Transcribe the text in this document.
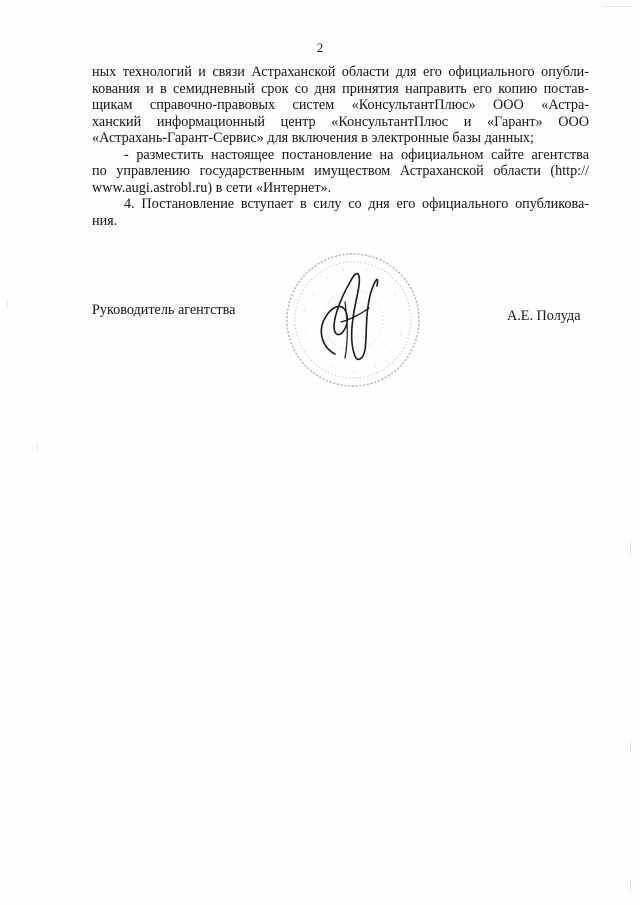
2
ных технологий и связи Астраханской области для его официального опубли-
кования и в семидневный срок со дня принятия направить его копию постав-
щикам справочно-правовых систем «КонсультантПлюс» ООО «Астра-
ханский информационный центр «КонсультантПлюс и «Гарант» ООО
«Астрахань-Гарант-Сервис» для включения в электронные базы данных;
- разместить настоящее постановление на официальном сайте агентства
по управлению государственным имуществом Астраханской области (http://
www.augi.astrobl.ru) в сети «Интернет».
4. Постановление вступает в силу со дня его официального опубликова-
ния.
Руководитель агентства	А.Е. Полуда
